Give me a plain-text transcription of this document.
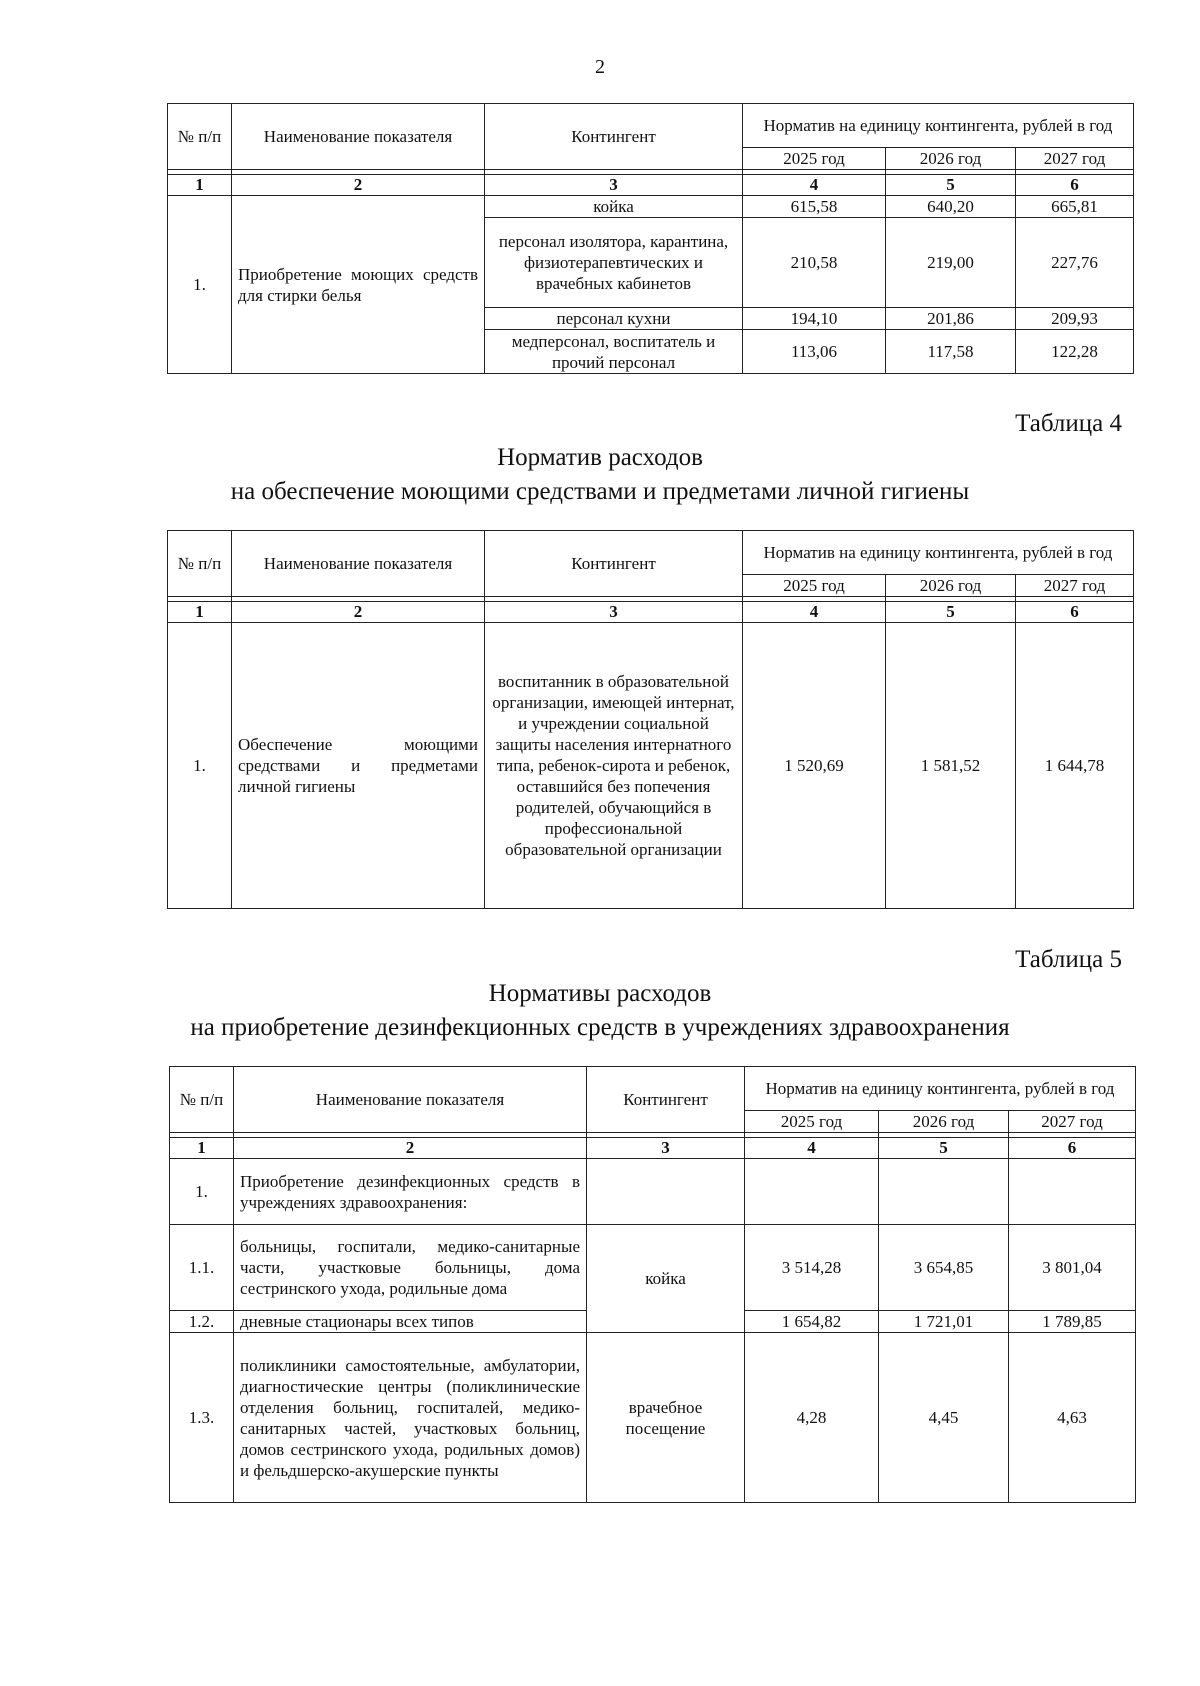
2
№ п/п	Наименование показателя	Контингент	Норматив на единицу контингента, рублей в год		
			2025 год	2026 год	2027 год

1	2	3	4	5	6
1.	Приобретение моющих средств для стирки белья	койка	615,58	640,20	665,81
		персонал изолятора, карантина, физиотерапевтических и врачебных кабинетов	210,58	219,00	227,76
		персонал кухни	194,10	201,86	209,93
		медперсонал, воспитатель и прочий персонал	113,06	117,58	122,28
Таблица 4
Норматив расходов
на обеспечение моющими средствами и предметами личной гигиены
№ п/п	Наименование показателя	Контингент	Норматив на единицу контингента, рублей в год		
			2025 год	2026 год	2027 год

1	2	3	4	5	6
1.	Обеспечение моющими средствами и предметами личной гигиены	воспитанник в образовательной организации, имеющей интернат, и учреждении социальной защиты населения интернатного типа, ребенок-сирота и ребенок, оставшийся без попечения родителей, обучающийся в профессиональной образовательной организации	1 520,69	1 581,52	1 644,78
Таблица 5
Нормативы расходов
на приобретение дезинфекционных средств в учреждениях здравоохранения
№ п/п	Наименование показателя	Контингент	Норматив на единицу контингента, рублей в год		
			2025 год	2026 год	2027 год

1	2	3	4	5	6
1.	Приобретение дезинфекционных средств в учреждениях здравоохранения:				
1.1.	больницы, госпитали, медико-санитарные части, участковые больницы, дома сестринского ухода, родильные дома	койка	3 514,28	3 654,85	3 801,04
1.2.	дневные стационары всех типов		1 654,82	1 721,01	1 789,85
1.3.	поликлиники самостоятельные, амбулатории, диагностические центры (поликлинические отделения больниц, госпиталей, медико-санитарных частей, участковых больниц, домов сестринского ухода, родильных домов) и фельдшерско-акушерские пункты	врачебное посещение	4,28	4,45	4,63
